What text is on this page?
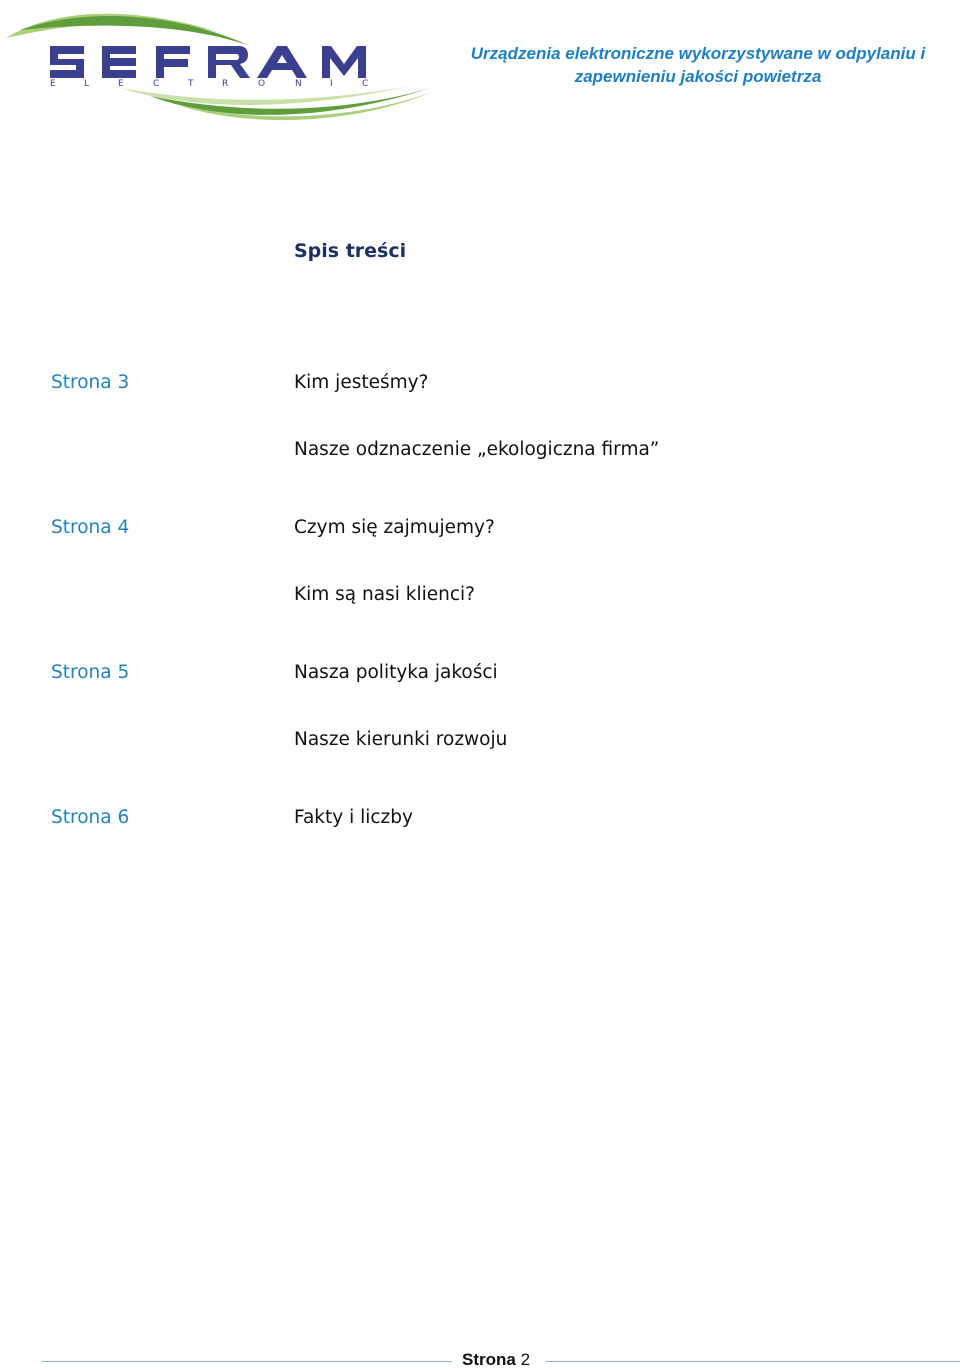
E	L	E	C	T	R	O	N	I	C
Urządzenia elektroniczne wykorzystywane w odpylaniu i
zapewnieniu jakości powietrza
Spis treści
Strona 3	Kim jesteśmy?
Nasze odznaczenie „ekologiczna firma”
Strona 4	Czym się zajmujemy?
Kim są nasi klienci?
Strona 5	Nasza polityka jakości
Nasze kierunki rozwoju
Strona 6	Fakty i liczby
Strona 2
